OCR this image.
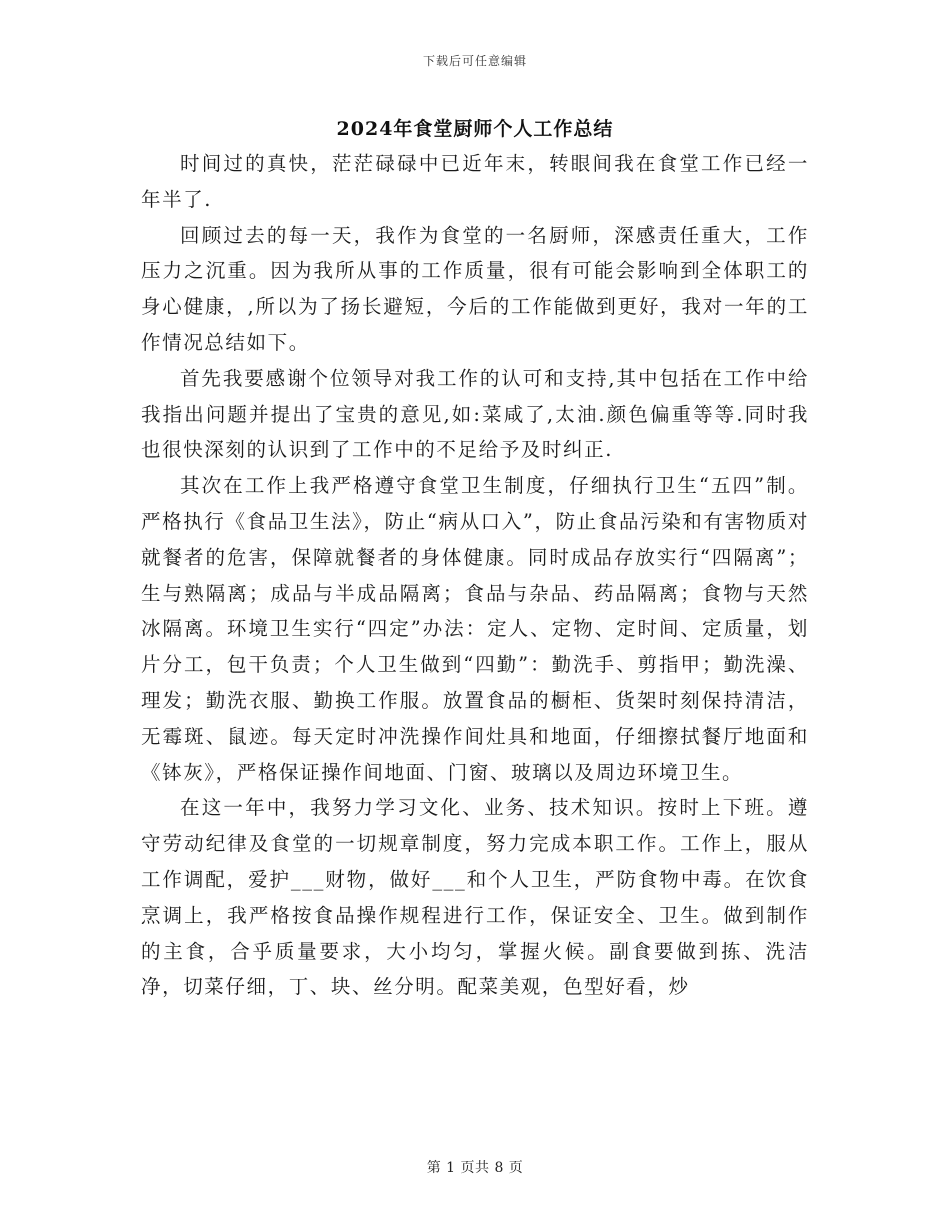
下载后可任意编辑
2024年食堂厨师个人工作总结

时间过的真快，茫茫碌碌中已近年末，转眼间我在食堂工作已经一年半了.

回顾过去的每一天，我作为食堂的一名厨师，深感责任重大，工作压力之沉重。因为我所从事的工作质量，很有可能会影响到全体职工的身心健康，,所以为了扬长避短，今后的工作能做到更好，我对一年的工作情况总结如下。

首先我要感谢个位领导对我工作的认可和支持,其中包括在工作中给我指出问题并提出了宝贵的意见,如:菜咸了,太油.颜色偏重等等.同时我也很快深刻的认识到了工作中的不足给予及时纠正.

其次在工作上我严格遵守食堂卫生制度，仔细执行卫生“五四”制。严格执行《食品卫生法》，防止“病从口入”，防止食品污染和有害物质对就餐者的危害，保障就餐者的身体健康。同时成品存放实行“四隔离”；生与熟隔离；成品与半成品隔离；食品与杂品、药品隔离；食物与天然冰隔离。环境卫生实行“四定”办法：定人、定物、定时间、定质量，划片分工，包干负责；个人卫生做到“四勤”：勤洗手、剪指甲；勤洗澡、理发；勤洗衣服、勤换工作服。放置食品的橱柜、货架时刻保持清洁，无霉斑、鼠迹。每天定时冲洗操作间灶具和地面，仔细擦拭餐厅地面和《钵灰》，严格保证操作间地面、门窗、玻璃以及周边环境卫生。

在这一年中，我努力学习文化、业务、技术知识。按时上下班。遵守劳动纪律及食堂的一切规章制度，努力完成本职工作。工作上，服从工作调配，爱护___财物，做好___和个人卫生，严防食物中毒。在饮食烹调上，我严格按食品操作规程进行工作，保证安全、卫生。做到制作的主食，合乎质量要求，大小均匀，掌握火候。副食要做到拣、洗洁净，切菜仔细，丁、块、丝分明。配菜美观，色型好看，炒

第 1 页共 8 页
